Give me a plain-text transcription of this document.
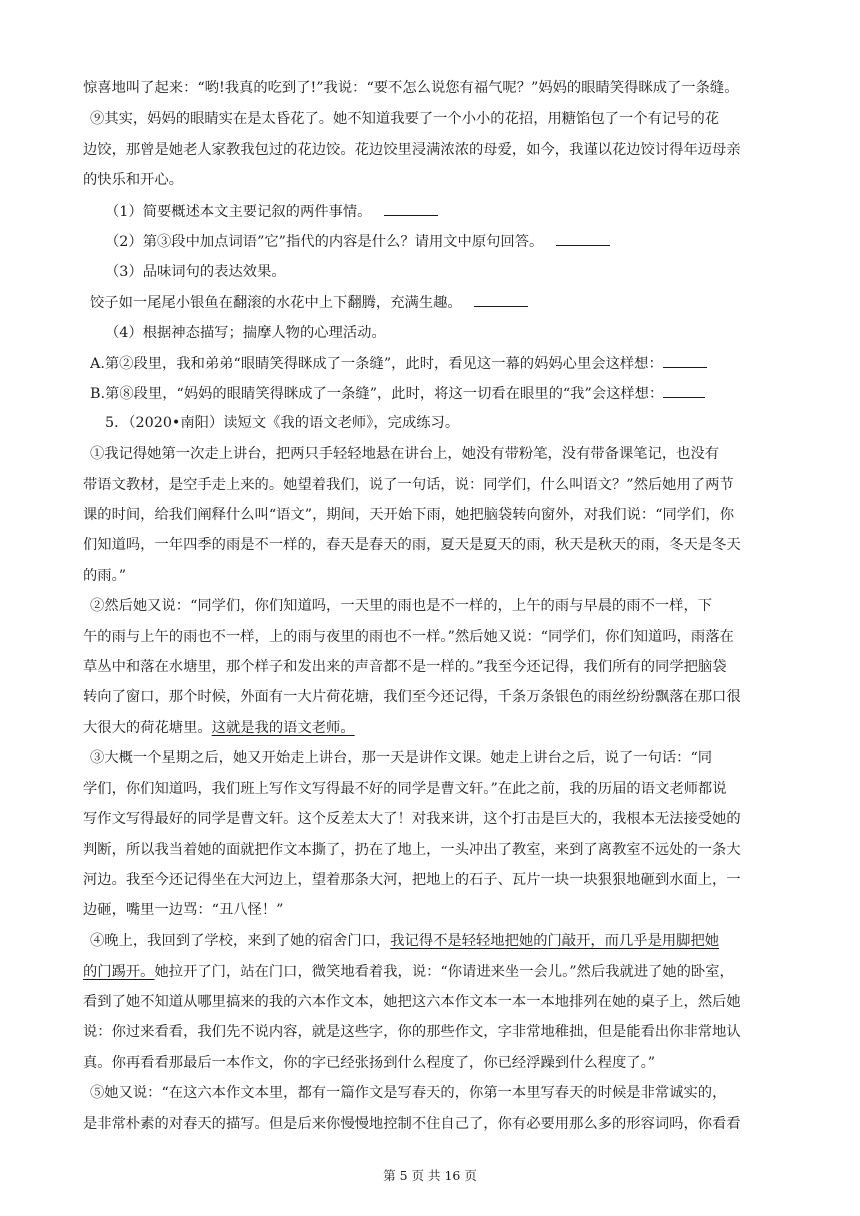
惊喜地叫了起来：“哟!我真的吃到了!”我说：“要不怎么说您有福气呢？”妈妈的眼睛笑得眯成了一条缝。
⑨其实，妈妈的眼睛实在是太昏花了。她不知道我要了一个小小的花招，用糖馅包了一个有记号的花
边饺，那曾是她老人家教我包过的花边饺。花边饺里浸满浓浓的母爱，如今，我谨以花边饺讨得年迈母亲
的快乐和开心。
（1）简要概述本文主要记叙的两件事情。
（2）第③段中加点词语”它”指代的内容是什么？请用文中原句回答。
（3）品味词句的表达效果。
饺子如一尾尾小银鱼在翻滚的水花中上下翻腾，充满生趣。
（4）根据神态描写；揣摩人物的心理活动。
A.第②段里，我和弟弟“眼睛笑得眯成了一条缝”，此时，看见这一幕的妈妈心里会这样想：
B.第⑧段里，“妈妈的眼睛笑得眯成了一条缝”，此时，将这一切看在眼里的“我”会这样想：
5．（2020•南阳）读短文《我的语文老师》，完成练习。
①我记得她第一次走上讲台，把两只手轻轻地悬在讲台上，她没有带粉笔，没有带备课笔记，也没有
带语文教材，是空手走上来的。她望着我们，说了一句话，说：同学们，什么叫语文？”然后她用了两节
课的时间，给我们阐释什么叫“语文”，期间，天开始下雨，她把脑袋转向窗外，对我们说：“同学们，你
们知道吗，一年四季的雨是不一样的，春天是春天的雨，夏天是夏天的雨，秋天是秋天的雨，冬天是冬天
的雨。”
②然后她又说：“同学们，你们知道吗，一天里的雨也是不一样的，上午的雨与早晨的雨不一样，下
午的雨与上午的雨也不一样，上的雨与夜里的雨也不一样。”然后她又说：“同学们，你们知道吗，雨落在
草丛中和落在水塘里，那个样子和发出来的声音都不是一样的。”我至今还记得，我们所有的同学把脑袋
转向了窗口，那个时候，外面有一大片荷花塘，我们至今还记得，千条万条银色的雨丝纷纷飘落在那口很
大很大的荷花塘里。这就是我的语文老师。
③大概一个星期之后，她又开始走上讲台，那一天是讲作文课。她走上讲台之后，说了一句话：“同
学们，你们知道吗，我们班上写作文写得最不好的同学是曹文轩。”在此之前，我的历届的语文老师都说
写作文写得最好的同学是曹文轩。这个反差太大了！对我来讲，这个打击是巨大的，我根本无法接受她的
判断，所以我当着她的面就把作文本撕了，扔在了地上，一头冲出了教室，来到了离教室不远处的一条大
河边。我至今还记得坐在大河边上，望着那条大河，把地上的石子、瓦片一块一块狠狠地砸到水面上，一
边砸，嘴里一边骂：“丑八怪！”
④晚上，我回到了学校，来到了她的宿舍门口，我记得不是轻轻地把她的门敲开，而几乎是用脚把她
的门踢开。她拉开了门，站在门口，微笑地看着我，说：“你请进来坐一会儿。”然后我就进了她的卧室，
看到了她不知道从哪里搞来的我的六本作文本，她把这六本作文本一本一本地排列在她的桌子上，然后她
说：你过来看看，我们先不说内容，就是这些字，你的那些作文，字非常地稚拙，但是能看出你非常地认
真。你再看看那最后一本作文，你的字已经张扬到什么程度了，你已经浮躁到什么程度了。”
⑤她又说：“在这六本作文本里，都有一篇作文是写春天的，你第一本里写春天的时候是非常诚实的，
是非常朴素的对春天的描写。但是后来你慢慢地控制不住自己了，你有必要用那么多的形容词吗，你看看
第 5 页 共 16 页
